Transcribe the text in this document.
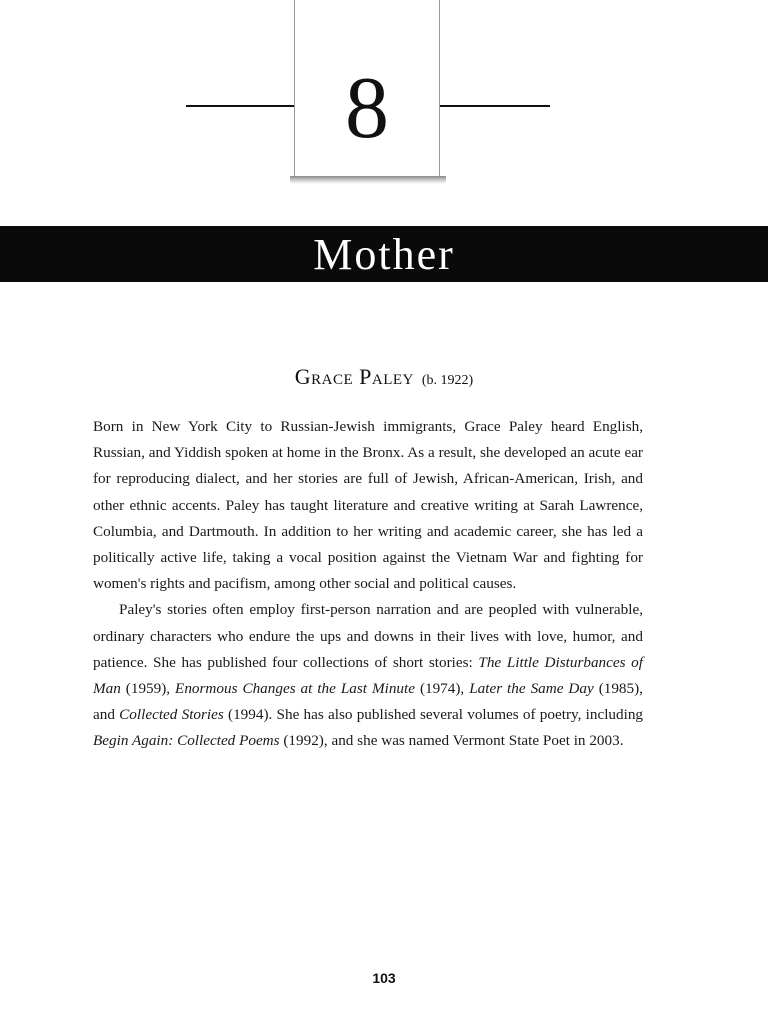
8
Mother
Grace Paley (b. 1922)

Born in New York City to Russian-Jewish immigrants, Grace Paley heard English, Russian, and Yiddish spoken at home in the Bronx. As a result, she developed an acute ear for reproducing dialect, and her stories are full of Jewish, African-American, Irish, and other ethnic accents. Paley has taught literature and creative writing at Sarah Lawrence, Columbia, and Dartmouth. In addition to her writing and academic career, she has led a politically active life, taking a vocal position against the Vietnam War and fighting for women's rights and pacifism, among other social and political causes.

Paley's stories often employ first-person narration and are peopled with vulnerable, ordinary characters who endure the ups and downs in their lives with love, humor, and patience. She has published four collections of short stories: The Little Disturbances of Man (1959), Enormous Changes at the Last Minute (1974), Later the Same Day (1985), and Collected Stories (1994). She has also published several volumes of poetry, including Begin Again: Collected Poems (1992), and she was named Vermont State Poet in 2003.

103
